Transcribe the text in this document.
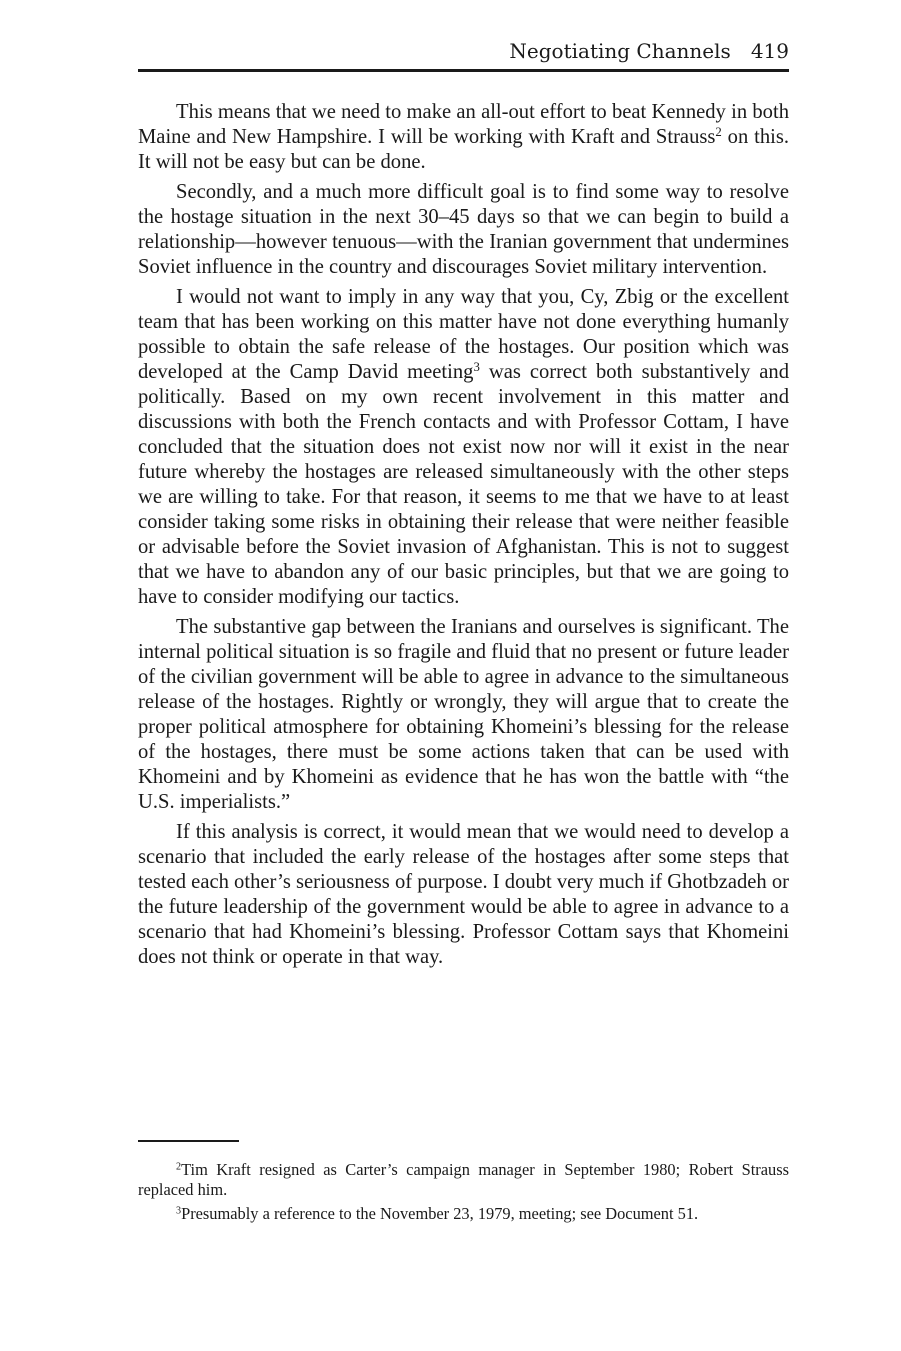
Negotiating Channels 419

This means that we need to make an all-out effort to beat Kennedy in both Maine and New Hampshire. I will be working with Kraft and Strauss$^2$ on this. It will not be easy but can be done.

Secondly, and a much more difficult goal is to find some way to resolve the hostage situation in the next 30–45 days so that we can begin to build a relationship—however tenuous—with the Iranian government that undermines Soviet influence in the country and discourages Soviet military intervention.

I would not want to imply in any way that you, Cy, Zbig or the excellent team that has been working on this matter have not done everything humanly possible to obtain the safe release of the hostages. Our position which was developed at the Camp David meeting$^3$ was correct both substantively and politically. Based on my own recent involvement in this matter and discussions with both the French contacts and with Professor Cottam, I have concluded that the situation does not exist now nor will it exist in the near future whereby the hostages are released simultaneously with the other steps we are willing to take. For that reason, it seems to me that we have to at least consider taking some risks in obtaining their release that were neither feasible or advisable before the Soviet invasion of Afghanistan. This is not to suggest that we have to abandon any of our basic principles, but that we are going to have to consider modifying our tactics.

The substantive gap between the Iranians and ourselves is significant. The internal political situation is so fragile and fluid that no present or future leader of the civilian government will be able to agree in advance to the simultaneous release of the hostages. Rightly or wrongly, they will argue that to create the proper political atmosphere for obtaining Khomeini’s blessing for the release of the hostages, there must be some actions taken that can be used with Khomeini and by Khomeini as evidence that he has won the battle with “the U.S. imperialists.”

If this analysis is correct, it would mean that we would need to develop a scenario that included the early release of the hostages after some steps that tested each other’s seriousness of purpose. I doubt very much if Ghotbzadeh or the future leadership of the government would be able to agree in advance to a scenario that had Khomeini’s blessing. Professor Cottam says that Khomeini does not think or operate in that way.

$^2$Tim Kraft resigned as Carter’s campaign manager in September 1980; Robert Strauss replaced him.

$^3$Presumably a reference to the November 23, 1979, meeting; see Document 51.
